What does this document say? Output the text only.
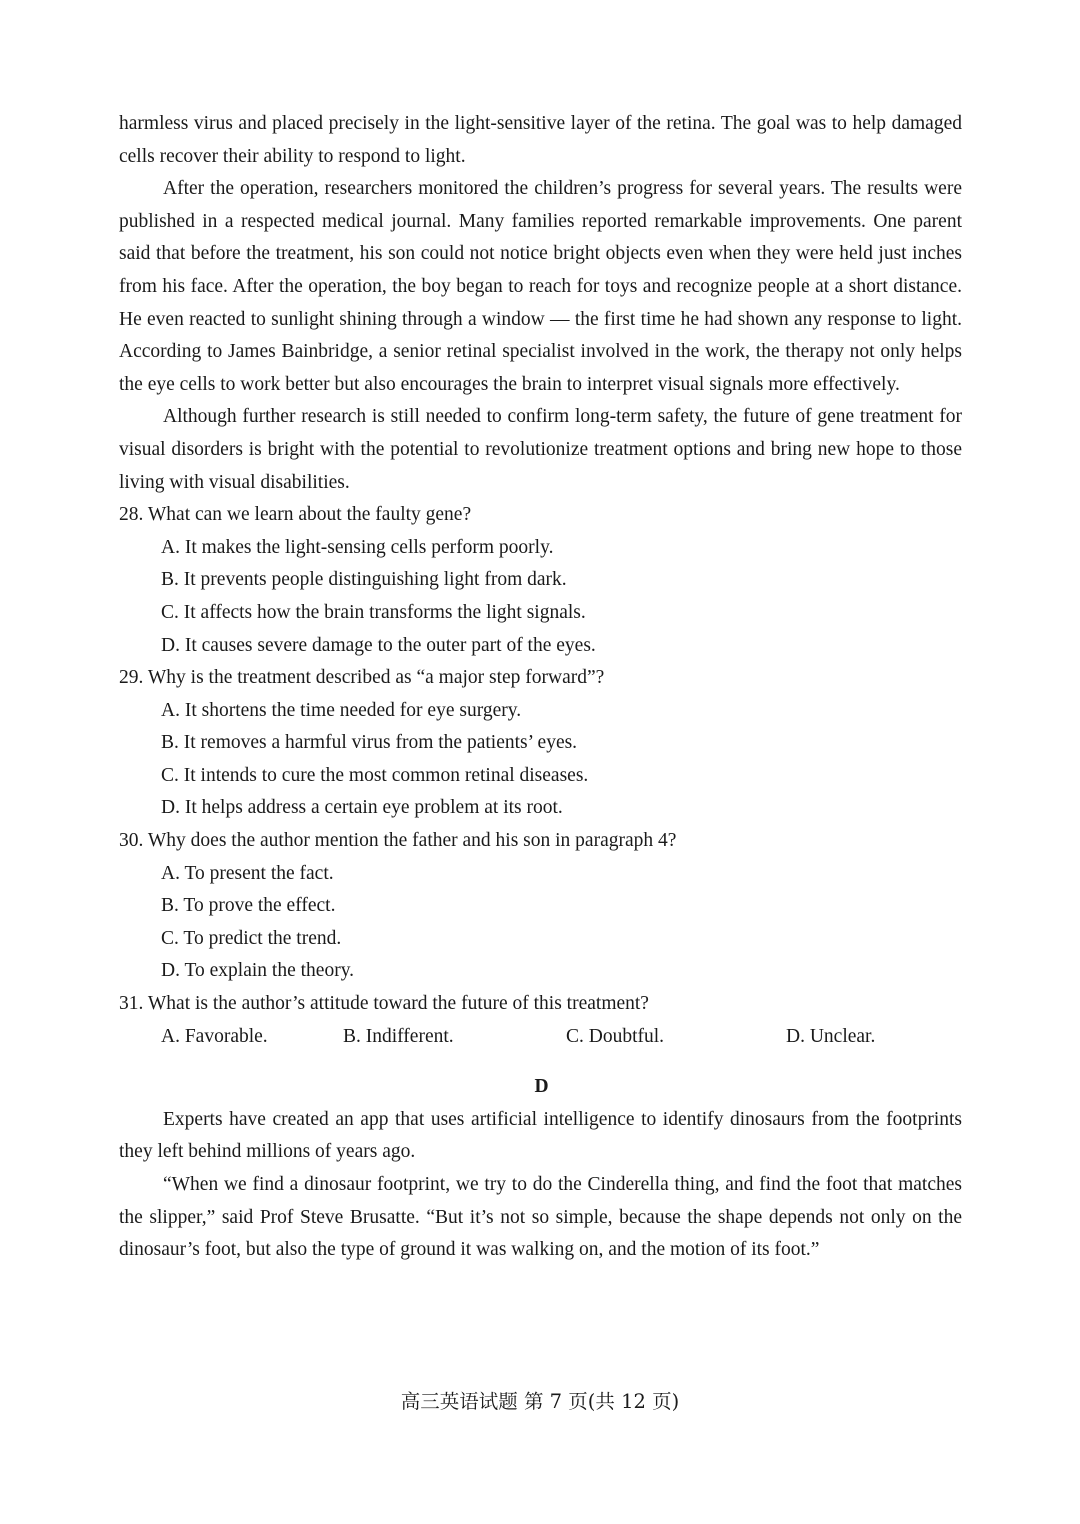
harmless virus and placed precisely in the light-sensitive layer of the retina. The goal was to help damaged cells recover their ability to respond to light.

After the operation, researchers monitored the children’s progress for several years. The results were published in a respected medical journal. Many families reported remarkable improvements. One parent said that before the treatment, his son could not notice bright objects even when they were held just inches from his face. After the operation, the boy began to reach for toys and recognize people at a short distance. He even reacted to sunlight shining through a window — the first time he had shown any response to light. According to James Bainbridge, a senior retinal specialist involved in the work, the therapy not only helps the eye cells to work better but also encourages the brain to interpret visual signals more effectively.

Although further research is still needed to confirm long-term safety, the future of gene treatment for visual disorders is bright with the potential to revolutionize treatment options and bring new hope to those living with visual disabilities.

28. What can we learn about the faulty gene?

A. It makes the light-sensing cells perform poorly.

B. It prevents people distinguishing light from dark.

C. It affects how the brain transforms the light signals.

D. It causes severe damage to the outer part of the eyes.

29. Why is the treatment described as “a major step forward”?

A. It shortens the time needed for eye surgery.

B. It removes a harmful virus from the patients’ eyes.

C. It intends to cure the most common retinal diseases.

D. It helps address a certain eye problem at its root.

30. Why does the author mention the father and his son in paragraph 4?

A. To present the fact.

B. To prove the effect.

C. To predict the trend.

D. To explain the theory.

31. What is the author’s attitude toward the future of this treatment?

A. Favorable.	B. Indifferent.	C. Doubtful.	D. Unclear.

D

Experts have created an app that uses artificial intelligence to identify dinosaurs from the footprints they left behind millions of years ago.

“When we find a dinosaur footprint, we try to do the Cinderella thing, and find the foot that matches the slipper,” said Prof Steve Brusatte. “But it’s not so simple, because the shape depends not only on the dinosaur’s foot, but also the type of ground it was walking on, and the motion of its foot.”

高三英语试题 第 7 页(共 12 页)
